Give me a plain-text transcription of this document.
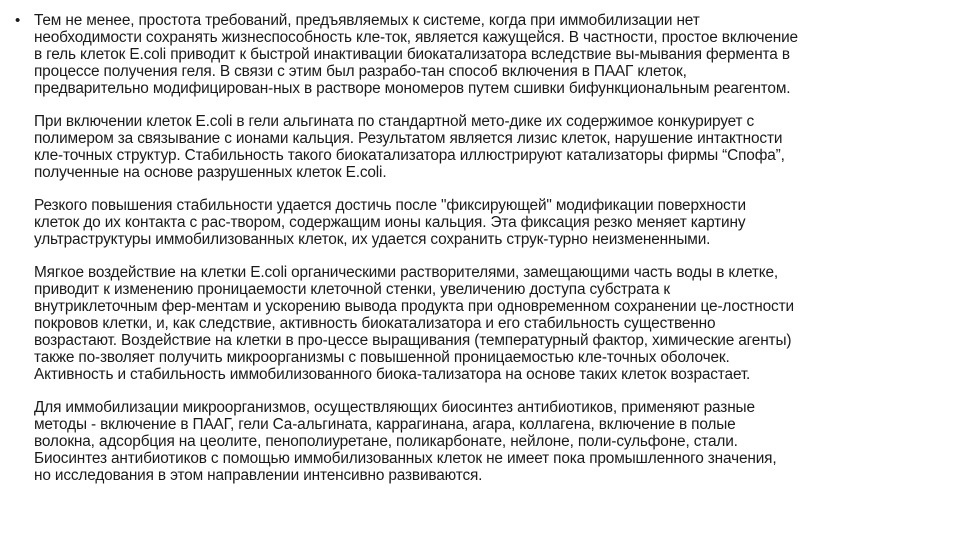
• Тем не менее, простота требований, предъявляемых к системе, когда при иммобилизации нет
необходимости сохранять жизнеспособность кле-ток, является кажущейся. В частности, простое включение
в гель клеток E.coli приводит к быстрой инактивации биокатализатора вследствие вы-мывания фермента в
процессе получения геля. В связи с этим был разрабо-тан способ включения в ПААГ клеток,
предварительно модифицирован-ных в растворе мономеров путем сшивки бифункциональным реагентом.
При включении клеток E.coli в гели альгината по стандартной мето-дике их содержимое конкурирует с
полимером за связывание с ионами кальция. Результатом является лизис клеток, нарушение интактности
кле-точных структур. Стабильность такого биокатализатора иллюстрируют катализаторы фирмы “Спофа”,
полученные на основе разрушенных клеток E.coli.
Резкого повышения стабильности удается достичь после "фиксирующей" модификации поверхности
клеток до их контакта с рас-твором, содержащим ионы кальция. Эта фиксация резко меняет картину
ультраструктуры иммобилизованных клеток, их удается сохранить струк-турно неизмененными.
Мягкое воздействие на клетки E.coli органическими растворителями, замещающими часть воды в клетке,
приводит к изменению проницаемости клеточной стенки, увеличению доступа субстрата к
внутриклеточным фер-ментам и ускорению вывода продукта при одновременном сохранении це-лостности
покровов клетки, и, как следствие, активность биокатализатора и его стабильность существенно
возрастают. Воздействие на клетки в про-цессе выращивания (температурный фактор, химические агенты)
также по-зволяет получить микроорганизмы с повышенной проницаемостью кле-точных оболочек.
Активность и стабильность иммобилизованного биока-тализатора на основе таких клеток возрастает.
Для иммобилизации микроорганизмов, осуществляющих биосинтез антибиотиков, применяют разные
методы - включение в ПААГ, гели Са-альгината, каррагинана, агара, коллагена, включение в полые
волокна, адсорбция на цеолите, пенополиуретане, поликарбонате, нейлоне, поли-сульфоне, стали.
Биосинтез антибиотиков с помощью иммобилизованных клеток не имеет пока промышленного значения,
но исследования в этом направлении интенсивно развиваются.
